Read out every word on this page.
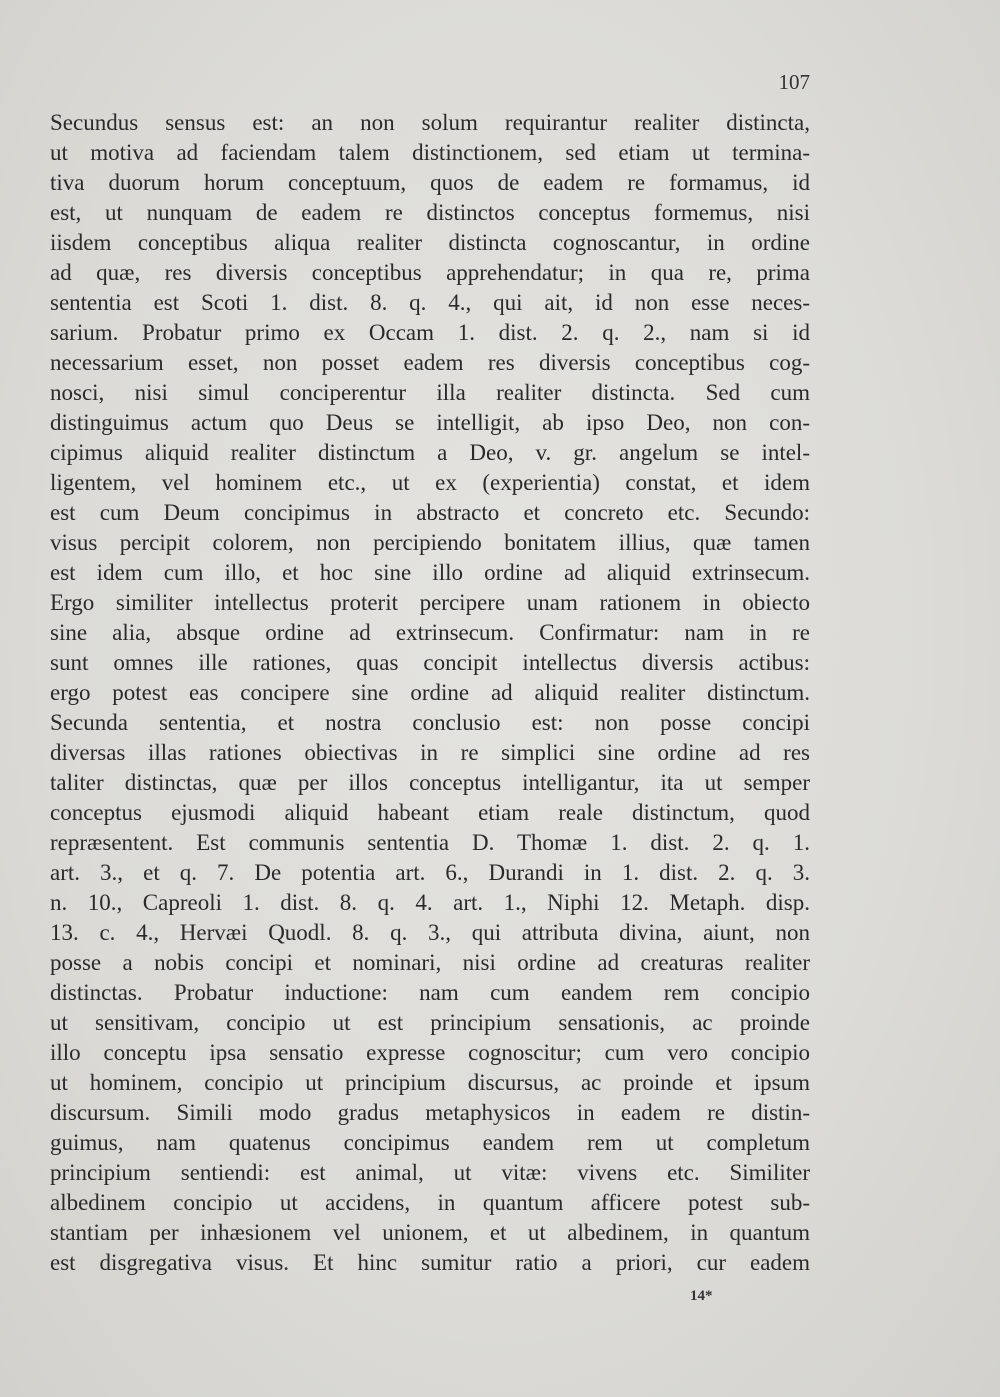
107
Secundus sensus est: an non solum requirantur realiter distincta,
ut motiva ad faciendam talem distinctionem, sed etiam ut termina-
tiva duorum horum conceptuum, quos de eadem re formamus, id
est, ut nunquam de eadem re distinctos conceptus formemus, nisi
iisdem conceptibus aliqua realiter distincta cognoscantur, in ordine
ad quæ, res diversis conceptibus apprehendatur; in qua re, prima
sententia est Scoti 1. dist. 8. q. 4., qui ait, id non esse neces-
sarium. Probatur primo ex Occam 1. dist. 2. q. 2., nam si id
necessarium esset, non posset eadem res diversis conceptibus cog-
nosci, nisi simul conciperentur illa realiter distincta. Sed cum
distinguimus actum quo Deus se intelligit, ab ipso Deo, non con-
cipimus aliquid realiter distinctum a Deo, v. gr. angelum se intel-
ligentem, vel hominem etc., ut ex (experientia) constat, et idem
est cum Deum concipimus in abstracto et concreto etc. Secundo:
visus percipit colorem, non percipiendo bonitatem illius, quæ tamen
est idem cum illo, et hoc sine illo ordine ad aliquid extrinsecum.
Ergo similiter intellectus proterit percipere unam rationem in obiecto
sine alia, absque ordine ad extrinsecum. Confirmatur: nam in re
sunt omnes ille rationes, quas concipit intellectus diversis actibus:
ergo potest eas concipere sine ordine ad aliquid realiter distinctum.
Secunda sententia, et nostra conclusio est: non posse concipi
diversas illas rationes obiectivas in re simplici sine ordine ad res
taliter distinctas, quæ per illos conceptus intelligantur, ita ut semper
conceptus ejusmodi aliquid habeant etiam reale distinctum, quod
repræsentent. Est communis sententia D. Thomæ 1. dist. 2. q. 1.
art. 3., et q. 7. De potentia art. 6., Durandi in 1. dist. 2. q. 3.
n. 10., Capreoli 1. dist. 8. q. 4. art. 1., Niphi 12. Metaph. disp.
13. c. 4., Hervæi Quodl. 8. q. 3., qui attributa divina, aiunt, non
posse a nobis concipi et nominari, nisi ordine ad creaturas realiter
distinctas. Probatur inductione: nam cum eandem rem concipio
ut sensitivam, concipio ut est principium sensationis, ac proinde
illo conceptu ipsa sensatio expresse cognoscitur; cum vero concipio
ut hominem, concipio ut principium discursus, ac proinde et ipsum
discursum. Simili modo gradus metaphysicos in eadem re distin-
guimus, nam quatenus concipimus eandem rem ut completum
principium sentiendi: est animal, ut vitæ: vivens etc. Similiter
albedinem concipio ut accidens, in quantum afficere potest sub-
stantiam per inhæsionem vel unionem, et ut albedinem, in quantum
est disgregativa visus. Et hinc sumitur ratio a priori, cur eadem
14*
